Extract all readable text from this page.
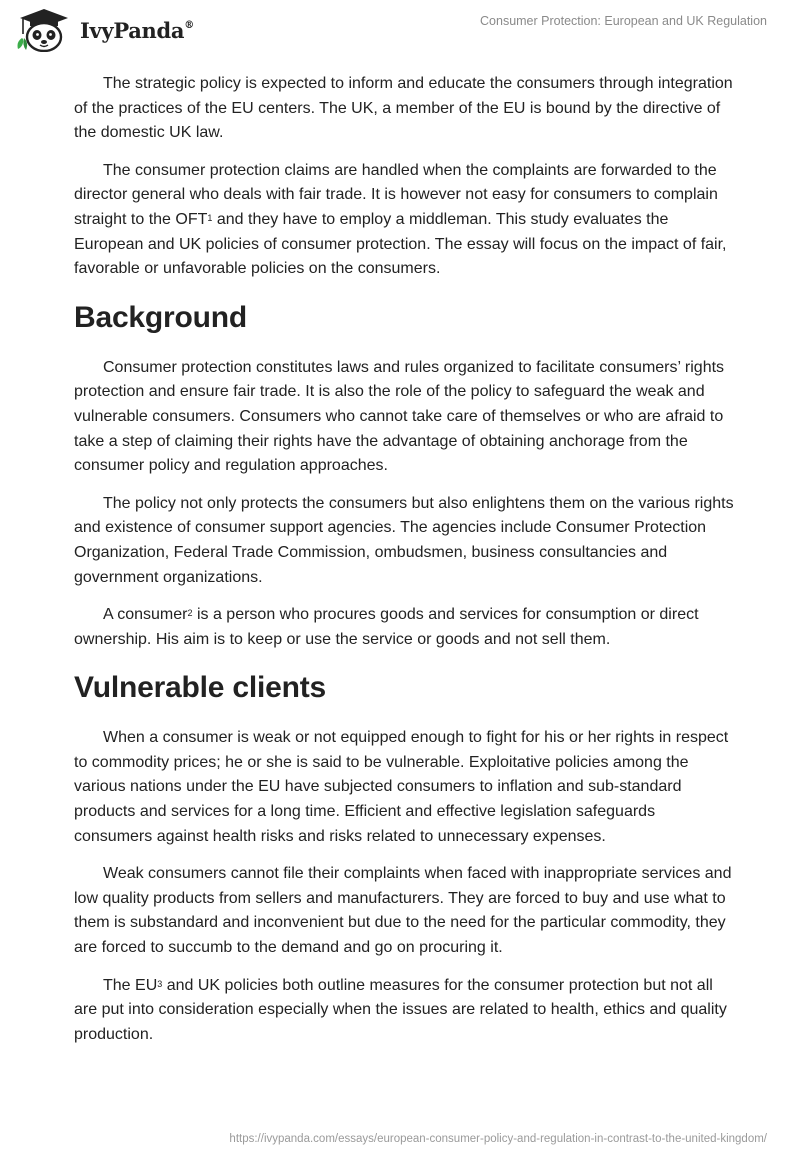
IvyPanda®	Consumer Protection: European and UK Regulation

The strategic policy is expected to inform and educate the consumers through integration of the practices of the EU centers. The UK, a member of the EU is bound by the directive of the domestic UK law.

The consumer protection claims are handled when the complaints are forwarded to the director general who deals with fair trade. It is however not easy for consumers to complain straight to the OFT$^1$ and they have to employ a middleman. This study evaluates the European and UK policies of consumer protection. The essay will focus on the impact of fair, favorable or unfavorable policies on the consumers.

Background

Consumer protection constitutes laws and rules organized to facilitate consumers’ rights protection and ensure fair trade. It is also the role of the policy to safeguard the weak and vulnerable consumers. Consumers who cannot take care of themselves or who are afraid to take a step of claiming their rights have the advantage of obtaining anchorage from the consumer policy and regulation approaches.

The policy not only protects the consumers but also enlightens them on the various rights and existence of consumer support agencies. The agencies include Consumer Protection Organization, Federal Trade Commission, ombudsmen, business consultancies and government organizations.

A consumer$^2$ is a person who procures goods and services for consumption or direct ownership. His aim is to keep or use the service or goods and not sell them.

Vulnerable clients

When a consumer is weak or not equipped enough to fight for his or her rights in respect to commodity prices; he or she is said to be vulnerable. Exploitative policies among the various nations under the EU have subjected consumers to inflation and sub-standard products and services for a long time. Efficient and effective legislation safeguards consumers against health risks and risks related to unnecessary expenses.

Weak consumers cannot file their complaints when faced with inappropriate services and low quality products from sellers and manufacturers. They are forced to buy and use what to them is substandard and inconvenient but due to the need for the particular commodity, they are forced to succumb to the demand and go on procuring it.

The EU$^3$ and UK policies both outline measures for the consumer protection but not all are put into consideration especially when the issues are related to health, ethics and quality production.

https://ivypanda.com/essays/european-consumer-policy-and-regulation-in-contrast-to-the-united-kingdom/
